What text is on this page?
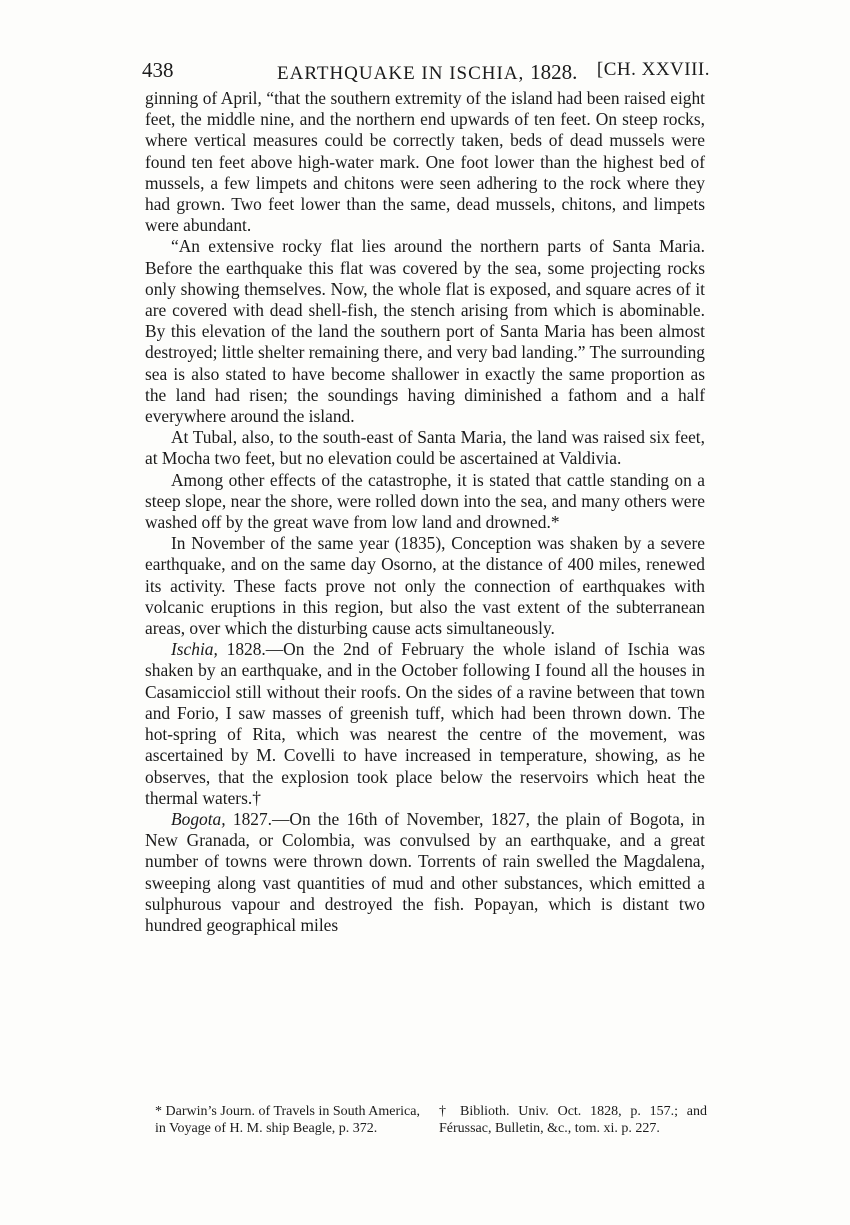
438	EARTHQUAKE IN ISCHIA, 1828. [CH. XXVIII.

ginning of April, “that the southern extremity of the island had been raised eight feet, the middle nine, and the northern end upwards of ten feet. On steep rocks, where vertical measures could be correctly taken, beds of dead mussels were found ten feet above high-water mark. One foot lower than the highest bed of mussels, a few limpets and chitons were seen adhering to the rock where they had grown. Two feet lower than the same, dead mussels, chitons, and limpets were abundant.

“An extensive rocky flat lies around the northern parts of Santa Maria. Before the earthquake this flat was covered by the sea, some projecting rocks only showing themselves. Now, the whole flat is exposed, and square acres of it are covered with dead shell-fish, the stench arising from which is abominable. By this elevation of the land the southern port of Santa Maria has been almost destroyed; little shelter remaining there, and very bad landing.” The surrounding sea is also stated to have become shallower in exactly the same proportion as the land had risen; the soundings having diminished a fathom and a half everywhere around the island.

At Tubal, also, to the south-east of Santa Maria, the land was raised six feet, at Mocha two feet, but no elevation could be ascertained at Valdivia.

Among other effects of the catastrophe, it is stated that cattle standing on a steep slope, near the shore, were rolled down into the sea, and many others were washed off by the great wave from low land and drowned.*

In November of the same year (1835), Conception was shaken by a severe earthquake, and on the same day Osorno, at the distance of 400 miles, renewed its activity. These facts prove not only the connection of earthquakes with volcanic eruptions in this region, but also the vast extent of the subterranean areas, over which the disturbing cause acts simultaneously.

Ischia, 1828.—On the 2nd of February the whole island of Ischia was shaken by an earthquake, and in the October following I found all the houses in Casamicciol still without their roofs. On the sides of a ravine between that town and Forio, I saw masses of greenish tuff, which had been thrown down. The hot-spring of Rita, which was nearest the centre of the movement, was ascertained by M. Covelli to have increased in temperature, showing, as he observes, that the explosion took place below the reservoirs which heat the thermal waters.†

Bogota, 1827.—On the 16th of November, 1827, the plain of Bogota, in New Granada, or Colombia, was convulsed by an earthquake, and a great number of towns were thrown down. Torrents of rain swelled the Magdalena, sweeping along vast quantities of mud and other substances, which emitted a sulphurous vapour and destroyed the fish. Popayan, which is distant two hundred geographical miles

* Darwin’s Journ. of Travels in South America, in Voyage of H. M. ship Beagle, p. 372.

† Biblioth. Univ. Oct. 1828, p. 157.; and Férussac, Bulletin, &c., tom. xi. p. 227.
